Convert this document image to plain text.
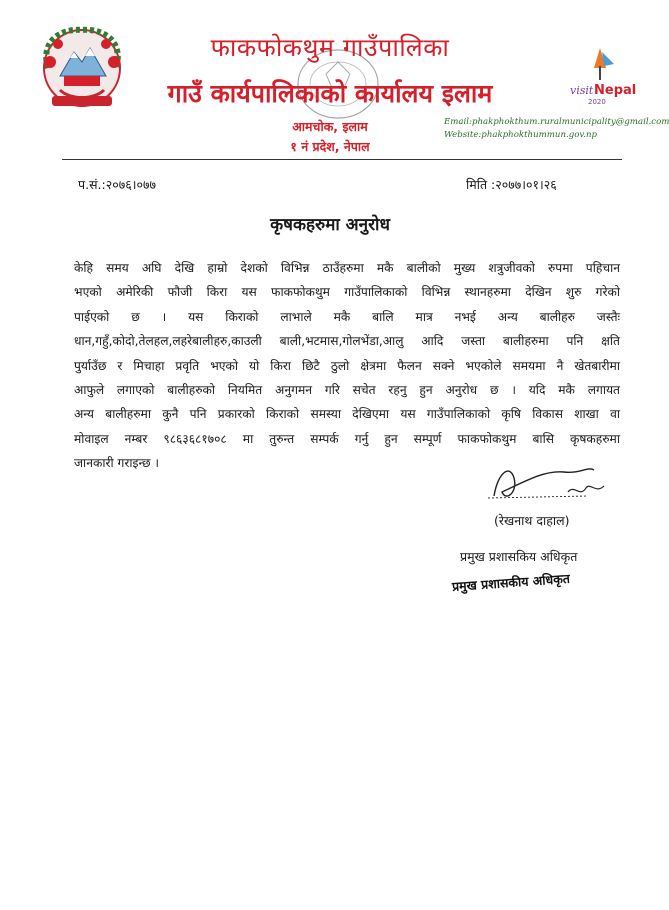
फाकफोकथुम गाउँपालिका
गाउँ कार्यपालिकाको कार्यालय इलाम
आमचोक, इलाम
१ नं प्रदेश, नेपाल
visit Nepal
2020
Email:phakphokthum.ruralmunicipality@gmail.com
Website:phakphokthummun.gov.np
प.सं.:२०७६।०७७	मिति :२०७७।०१।२६
कृषकहरुमा अनुरोध
केहि समय अघि देखि हाम्रो देशको विभिन्न ठाउँहरुमा मकै बालीको मुख्य शत्रुजीवको रुपमा पहिचान
भएको अमेरिकी फौजी किरा यस फाकफोकथुम गाउँपालिकाको विभिन्न स्थानहरुमा देखिन शुरु गरेको
पाईएको छ । यस किराको लाभाले मकै बालि मात्र नभई अन्य बालीहरु जस्तैः
धान,गहुँ,कोदो,तेलहल,लहरेबालीहरु,काउली बाली,भटमास,गोलभेंडा,आलु आदि जस्ता बालीहरुमा पनि क्षति
पुर्याउँछ र मिचाहा प्रवृति भएको यो किरा छिटै ठुलो क्षेत्रमा फैलन सक्ने भएकोले समयमा नै खेतबारीमा
आफुले लगाएको बालीहरुको नियमित अनुगमन गरि सचेत रहनु हुन अनुरोध छ । यदि मकै लगायत
अन्य बालीहरुमा कुनै पनि प्रकारको किराको समस्या देखिएमा यस गाउँपालिकाको कृषि विकास शाखा वा
मोवाइल नम्बर ९८६३६८१७०८ मा तुरुन्त सम्पर्क गर्नु हुन सम्पूर्ण फाकफोकथुम बासि कृषकहरुमा
जानकारी गराइन्छ ।
(रेखनाथ दाहाल)
प्रमुख प्रशासकिय अधिकृत
प्रमुख प्रशासकीय अधिकृत
